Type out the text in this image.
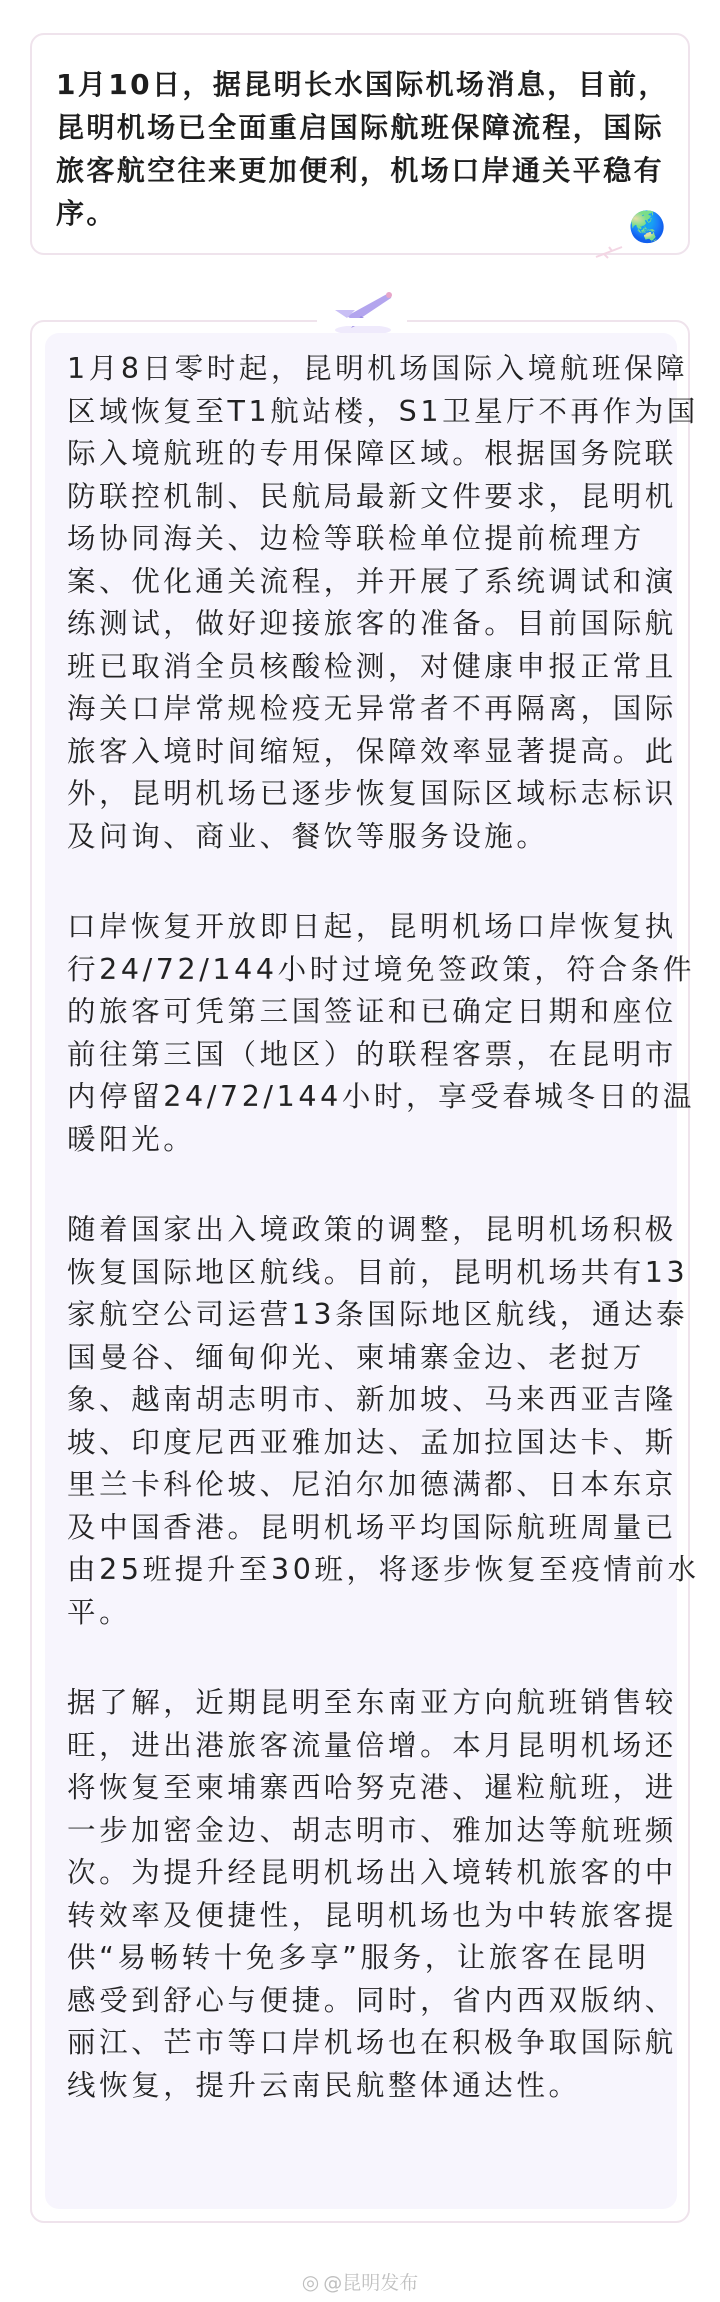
1月10日，据昆明长水国际机场消息，目前，
昆明机场已全面重启国际航班保障流程，国际
旅客航空往来更加便利，机场口岸通关平稳有
序。	🌏
1月8日零时起，昆明机场国际入境航班保障
区域恢复至T1航站楼，S1卫星厅不再作为国
际入境航班的专用保障区域。根据国务院联
防联控机制、民航局最新文件要求，昆明机
场协同海关、边检等联检单位提前梳理方
案、优化通关流程，并开展了系统调试和演
练测试，做好迎接旅客的准备。目前国际航
班已取消全员核酸检测，对健康申报正常且
海关口岸常规检疫无异常者不再隔离，国际
旅客入境时间缩短，保障效率显著提高。此
外，昆明机场已逐步恢复国际区域标志标识
及问询、商业、餐饮等服务设施。
口岸恢复开放即日起，昆明机场口岸恢复执
行24/72/144小时过境免签政策，符合条件
的旅客可凭第三国签证和已确定日期和座位
前往第三国（地区）的联程客票，在昆明市
内停留24/72/144小时，享受春城冬日的温
暖阳光。
随着国家出入境政策的调整，昆明机场积极
恢复国际地区航线。目前，昆明机场共有13
家航空公司运营13条国际地区航线，通达泰
国曼谷、缅甸仰光、柬埔寨金边、老挝万
象、越南胡志明市、新加坡、马来西亚吉隆
坡、印度尼西亚雅加达、孟加拉国达卡、斯
里兰卡科伦坡、尼泊尔加德满都、日本东京
及中国香港。昆明机场平均国际航班周量已
由25班提升至30班，将逐步恢复至疫情前水
平。
据了解，近期昆明至东南亚方向航班销售较
旺，进出港旅客流量倍增。本月昆明机场还
将恢复至柬埔寨西哈努克港、暹粒航班，进
一步加密金边、胡志明市、雅加达等航班频
次。为提升经昆明机场出入境转机旅客的中
转效率及便捷性，昆明机场也为中转旅客提
供“易畅转十免多享”服务，让旅客在昆明
感受到舒心与便捷。同时，省内西双版纳、
丽江、芒市等口岸机场也在积极争取国际航
线恢复，提升云南民航整体通达性。
◎ @昆明发布
